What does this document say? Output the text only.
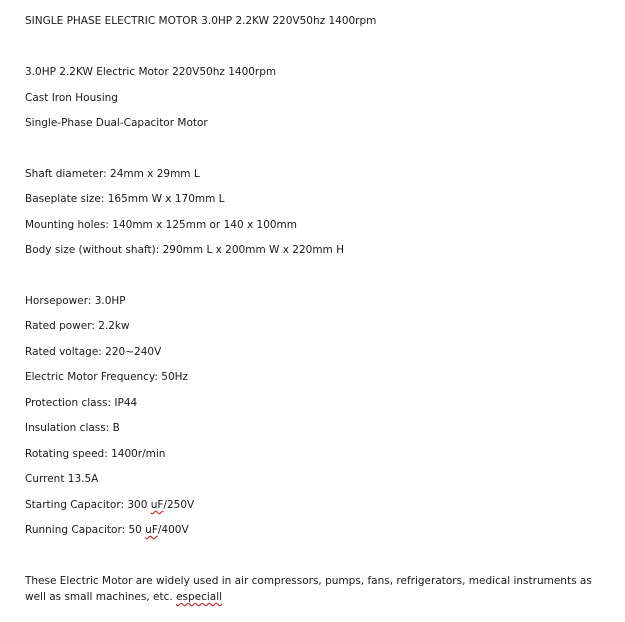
SINGLE PHASE ELECTRIC MOTOR 3.0HP 2.2KW 220V50hz 1400rpm
3.0HP 2.2KW Electric Motor 220V50hz 1400rpm
Cast Iron Housing
Single-Phase Dual-Capacitor Motor
Shaft diameter: 24mm x 29mm L
Baseplate size: 165mm W x 170mm L
Mounting holes: 140mm x 125mm or 140 x 100mm
Body size (without shaft): 290mm L x 200mm W x 220mm H
Horsepower: 3.0HP
Rated power: 2.2kw
Rated voltage: 220~240V
Electric Motor Frequency: 50Hz
Protection class: IP44
Insulation class: B
Rotating speed: 1400r/min
Current 13.5A
Starting Capacitor: 300 uF/250V
Running Capacitor: 50 uF/400V
These Electric Motor are widely used in air compressors, pumps, fans, refrigerators, medical instruments as well as small machines, etc. especiall
